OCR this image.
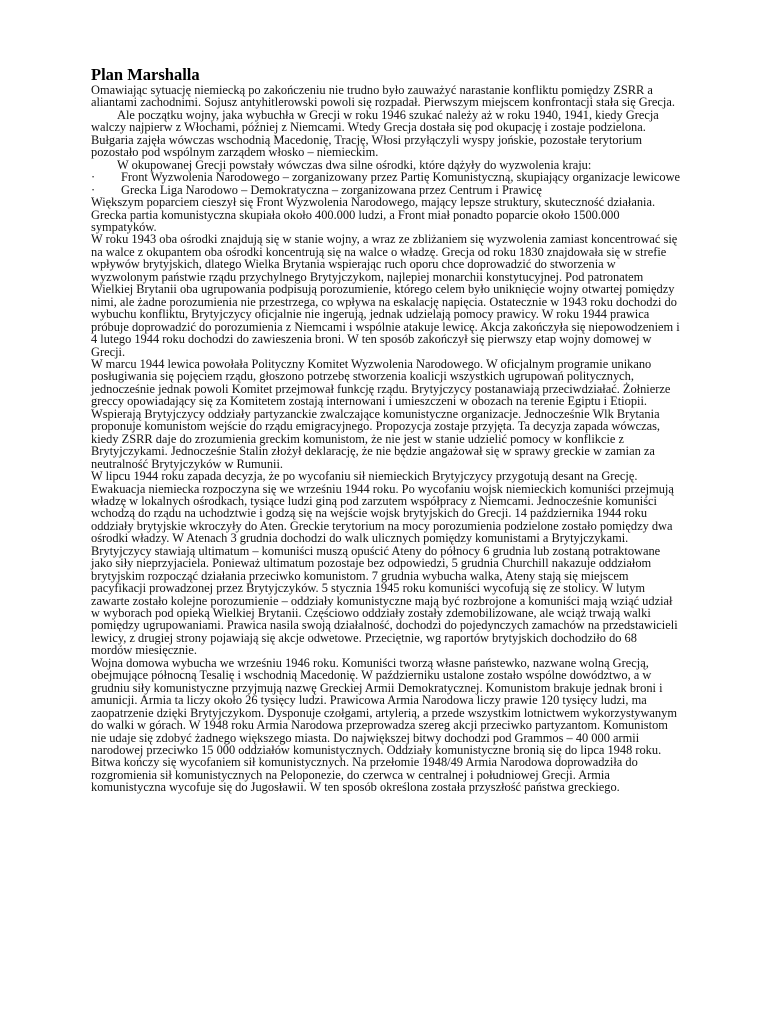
Plan Marshalla

Omawiając sytuację niemiecką po zakończeniu nie trudno było zauważyć narastanie konfliktu pomiędzy ZSRR a aliantami zachodnimi. Sojusz antyhitlerowski powoli się rozpadał. Pierwszym miejscem konfrontacji stała się Grecja.

Ale początku wojny, jaka wybuchła w Grecji w roku 1946 szukać należy aż w roku 1940, 1941, kiedy Grecja walczy najpierw z Włochami, później z Niemcami. Wtedy Grecja dostała się pod okupację i zostaje podzielona. Bułgaria zajęła wówczas wschodnią Macedonię, Trację, Włosi przyłączyli wyspy jońskie, pozostałe terytorium pozostało pod wspólnym zarządem włosko – niemieckim.

W okupowanej Grecji powstały wówczas dwa silne ośrodki, które dążyły do wyzwolenia kraju:

· Front Wyzwolenia Narodowego – zorganizowany przez Partię Komunistyczną, skupiający organizacje lewicowe
· Grecka Liga Narodowo – Demokratyczna – zorganizowana przez Centrum i Prawicę

Większym poparciem cieszył się Front Wyzwolenia Narodowego, mający lepsze struktury, skuteczność działania. Grecka partia komunistyczna skupiała około 400.000 ludzi, a Front miał ponadto poparcie około 1500.000 sympatyków.

W roku 1943 oba ośrodki znajdują się w stanie wojny, a wraz ze zbliżaniem się wyzwolenia zamiast koncentrować się na walce z okupantem oba ośrodki koncentrują się na walce o władzę. Grecja od roku 1830 znajdowała się w strefie wpływów brytyjskich, dlatego Wielka Brytania wspierając ruch oporu chce doprowadzić do stworzenia w wyzwolonym państwie rządu przychylnego Brytyjczykom, najlepiej monarchii konstytucyjnej. Pod patronatem Wielkiej Brytanii oba ugrupowania podpisują porozumienie, którego celem było uniknięcie wojny otwartej pomiędzy nimi, ale żadne porozumienia nie przestrzega, co wpływa na eskalację napięcia. Ostatecznie w 1943 roku dochodzi do wybuchu konfliktu, Brytyjczycy oficjalnie nie ingerują, jednak udzielają pomocy prawicy. W roku 1944 prawica próbuje doprowadzić do porozumienia z Niemcami i wspólnie atakuje lewicę. Akcja zakończyła się niepowodzeniem i 4 lutego 1944 roku dochodzi do zawieszenia broni. W ten sposób zakończył się pierwszy etap wojny domowej w Grecji.

W marcu 1944 lewica powołała Polityczny Komitet Wyzwolenia Narodowego. W oficjalnym programie unikano posługiwania się pojęciem rządu, głoszono potrzebę stworzenia koalicji wszystkich ugrupowań politycznych, jednocześnie jednak powoli Komitet przejmował funkcję rządu. Brytyjczycy postanawiają przeciwdziałać. Żołnierze greccy opowiadający się za Komitetem zostają internowani i umieszczeni w obozach na terenie Egiptu i Etiopii. Wspierają Brytyjczycy oddziały partyzanckie zwalczające komunistyczne organizacje. Jednocześnie Wlk Brytania proponuje komunistom wejście do rządu emigracyjnego. Propozycja zostaje przyjęta. Ta decyzja zapada wówczas, kiedy ZSRR daje do zrozumienia greckim komunistom, że nie jest w stanie udzielić pomocy w konflikcie z Brytyjczykami. Jednocześnie Stalin złożył deklarację, że nie będzie angażował się w sprawy greckie w zamian za neutralność Brytyjczyków w Rumunii.

W lipcu 1944 roku zapada decyzja, że po wycofaniu sił niemieckich Brytyjczycy przygotują desant na Grecję. Ewakuacja niemiecka rozpoczyna się we wrześniu 1944 roku. Po wycofaniu wojsk niemieckich komuniści przejmują władzę w lokalnych ośrodkach, tysiące ludzi giną pod zarzutem współpracy z Niemcami. Jednocześnie komuniści wchodzą do rządu na uchodztwie i godzą się na wejście wojsk brytyjskich do Grecji. 14 października 1944 roku oddziały brytyjskie wkroczyły do Aten. Greckie terytorium na mocy porozumienia podzielone zostało pomiędzy dwa ośrodki władzy. W Atenach 3 grudnia dochodzi do walk ulicznych pomiędzy komunistami a Brytyjczykami. Brytyjczycy stawiają ultimatum – komuniści muszą opuścić Ateny do północy 6 grudnia lub zostaną potraktowane jako siły nieprzyjaciela. Ponieważ ultimatum pozostaje bez odpowiedzi, 5 grudnia Churchill nakazuje oddziałom brytyjskim rozpocząć działania przeciwko komunistom. 7 grudnia wybucha walka, Ateny stają się miejscem pacyfikacji prowadzonej przez Brytyjczyków. 5 stycznia 1945 roku komuniści wycofują się ze stolicy. W lutym zawarte zostało kolejne porozumienie – oddziały komunistyczne mają być rozbrojone a komuniści mają wziąć udział w wyborach pod opieką Wielkiej Brytanii. Częściowo oddziały zostały zdemobilizowane, ale wciąż trwają walki pomiędzy ugrupowaniami. Prawica nasila swoją działalność, dochodzi do pojedynczych zamachów na przedstawicieli lewicy, z drugiej strony pojawiają się akcje odwetowe. Przeciętnie, wg raportów brytyjskich dochodziło do 68 mordów miesięcznie.

Wojna domowa wybucha we wrześniu 1946 roku. Komuniści tworzą własne państewko, nazwane wolną Grecją, obejmujące północną Tesalię i wschodnią Macedonię. W październiku ustalone zostało wspólne dowództwo, a w grudniu siły komunistyczne przyjmują nazwę Greckiej Armii Demokratycznej. Komunistom brakuje jednak broni i amunicji. Armia ta liczy około 26 tysięcy ludzi. Prawicowa Armia Narodowa liczy prawie 120 tysięcy ludzi, ma zaopatrzenie dzięki Brytyjczykom. Dysponuje czołgami, artylerią, a przede wszystkim lotnictwem wykorzystywanym do walki w górach. W 1948 roku Armia Narodowa przeprowadza szereg akcji przeciwko partyzantom. Komunistom nie udaje się zdobyć żadnego większego miasta. Do największej bitwy dochodzi pod Grammos – 40 000 armii narodowej przeciwko 15 000 oddziałów komunistycznych. Oddziały komunistyczne bronią się do lipca 1948 roku. Bitwa kończy się wycofaniem sił komunistycznych. Na przełomie 1948/49 Armia Narodowa doprowadziła do rozgromienia sił komunistycznych na Peloponezie, do czerwca w centralnej i południowej Grecji. Armia komunistyczna wycofuje się do Jugosławii. W ten sposób określona została przyszłość państwa greckiego.
